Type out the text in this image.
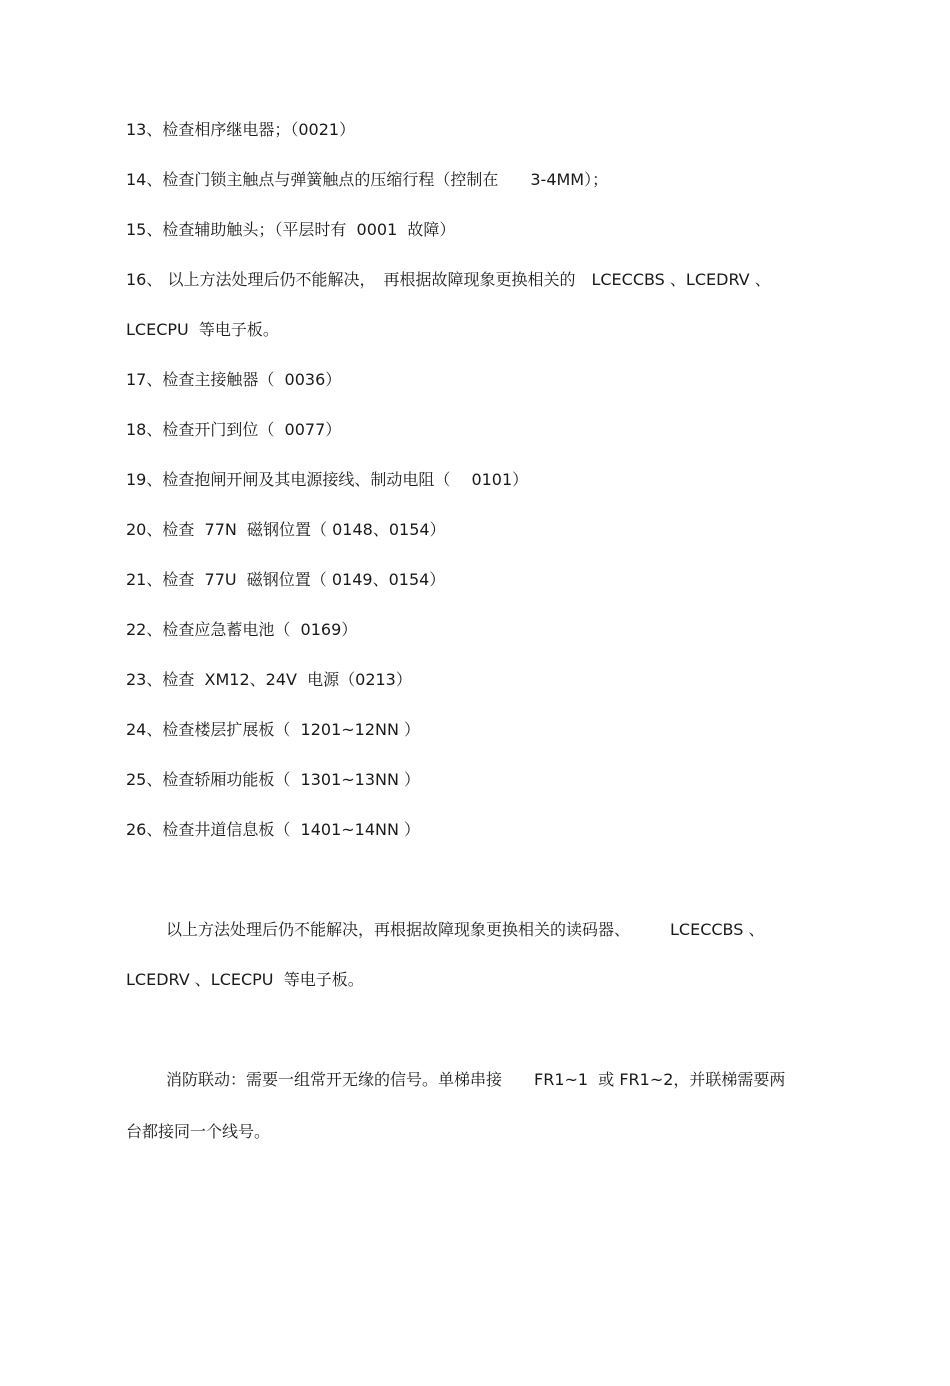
13、检查相序继电器；（0021）

14、检查门锁主触点与弹簧触点的压缩行程（控制在　　3-4MM）；

15、检查辅助触头；（平层时有  0001  故障）

16、 以上方法处理后仍不能解决，　再根据故障现象更换相关的　LCECCBS 、LCEDRV 、

LCECPU  等电子板。

17、检查主接触器（  0036）

18、检查开门到位（  0077）

19、检查抱闸开闸及其电源接线、制动电阻（　 0101）

20、检查  77N  磁钢位置（ 0148、0154）

21、检查  77U  磁钢位置（ 0149、0154）

22、检查应急蓄电池（  0169）

23、检查  XM12、24V  电源（0213）

24、检查楼层扩展板（  1201~12NN ）

25、检查轿厢功能板（  1301~13NN ）

26、检查井道信息板（  1401~14NN ）

以上方法处理后仍不能解决，再根据故障现象更换相关的读码器、　　　LCECCBS 、

LCEDRV 、LCECPU  等电子板。

消防联动：需要一组常开无缘的信号。单梯串接　　FR1~1  或 FR1~2，并联梯需要两

台都接同一个线号。
